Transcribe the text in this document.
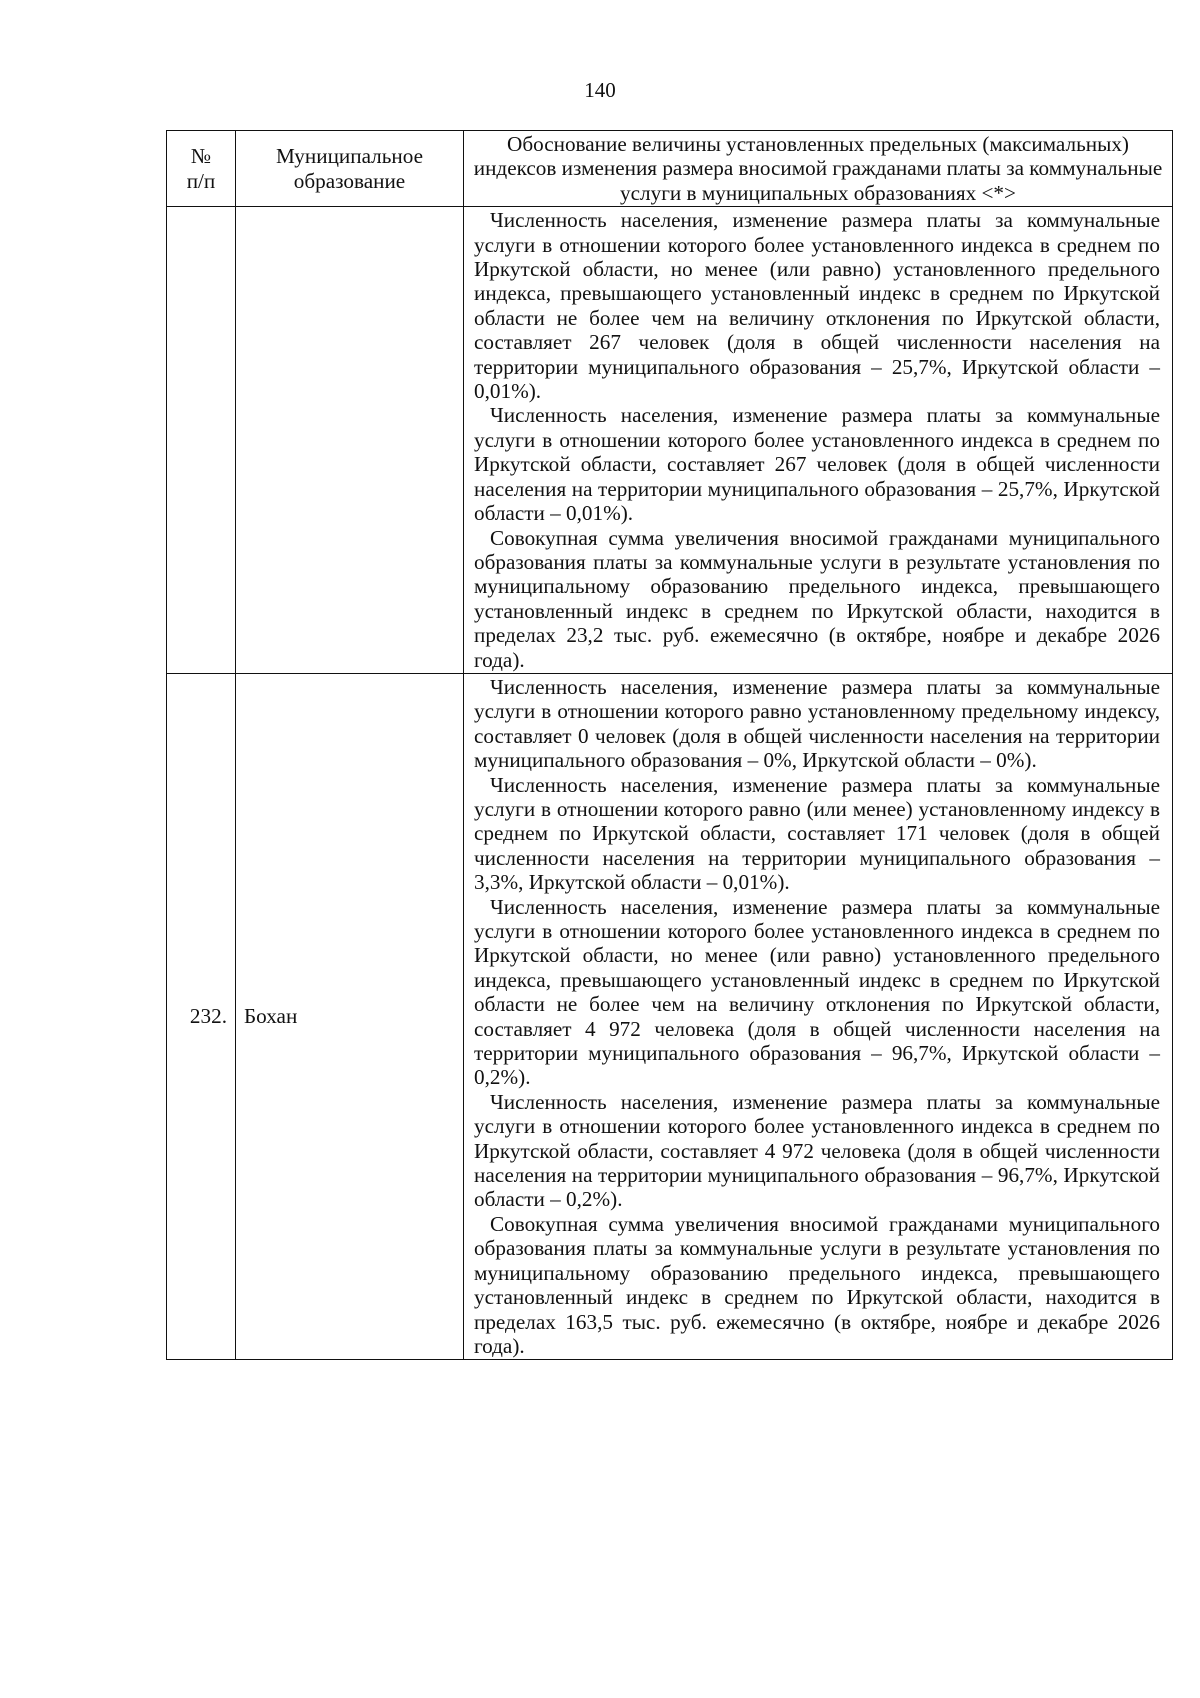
140
№
п/п	Муниципальное образование	Обоснование величины установленных предельных (максимальных) индексов изменения размера вносимой гражданами платы за коммунальные услуги в муниципальных образованиях <*>

		Численность населения, изменение размера платы за коммунальные услуги в отношении которого более установленного индекса в среднем по Иркутской области, но менее (или равно) установленного предельного индекса, превышающего установленный индекс в среднем по Иркутской области не более чем на величину отклонения по Иркутской области, составляет 267 человек (доля в общей численности населения на территории муниципального образования – 25,7%, Иркутской области – 0,01%).

Численность населения, изменение размера платы за коммунальные услуги в отношении которого более установленного индекса в среднем по Иркутской области, составляет 267 человек (доля в общей численности населения на территории муниципального образования – 25,7%, Иркутской области – 0,01%).

Совокупная сумма увеличения вносимой гражданами муниципального образования платы за коммунальные услуги в результате установления по муниципальному образованию предельного индекса, превышающего установленный индекс в среднем по Иркутской области, находится в пределах 23,2 тыс. руб. ежемесячно (в октябре, ноябре и декабре 2026 года).

232.	Бохан	Численность населения, изменение размера платы за коммунальные услуги в отношении которого равно установленному предельному индексу, составляет 0 человек (доля в общей численности населения на территории муниципального образования – 0%, Иркутской области – 0%).

Численность населения, изменение размера платы за коммунальные услуги в отношении которого равно (или менее) установленному индексу в среднем по Иркутской области, составляет 171 человек (доля в общей численности населения на территории муниципального образования – 3,3%, Иркутской области – 0,01%).

Численность населения, изменение размера платы за коммунальные услуги в отношении которого более установленного индекса в среднем по Иркутской области, но менее (или равно) установленного предельного индекса, превышающего установленный индекс в среднем по Иркутской области не более чем на величину отклонения по Иркутской области, составляет 4 972 человека (доля в общей численности населения на территории муниципального образования – 96,7%, Иркутской области – 0,2%).

Численность населения, изменение размера платы за коммунальные услуги в отношении которого более установленного индекса в среднем по Иркутской области, составляет 4 972 человека (доля в общей численности населения на территории муниципального образования – 96,7%, Иркутской области – 0,2%).

Совокупная сумма увеличения вносимой гражданами муниципального образования платы за коммунальные услуги в результате установления по муниципальному образованию предельного индекса, превышающего установленный индекс в среднем по Иркутской области, находится в пределах 163,5 тыс. руб. ежемесячно (в октябре, ноябре и декабре 2026 года).
